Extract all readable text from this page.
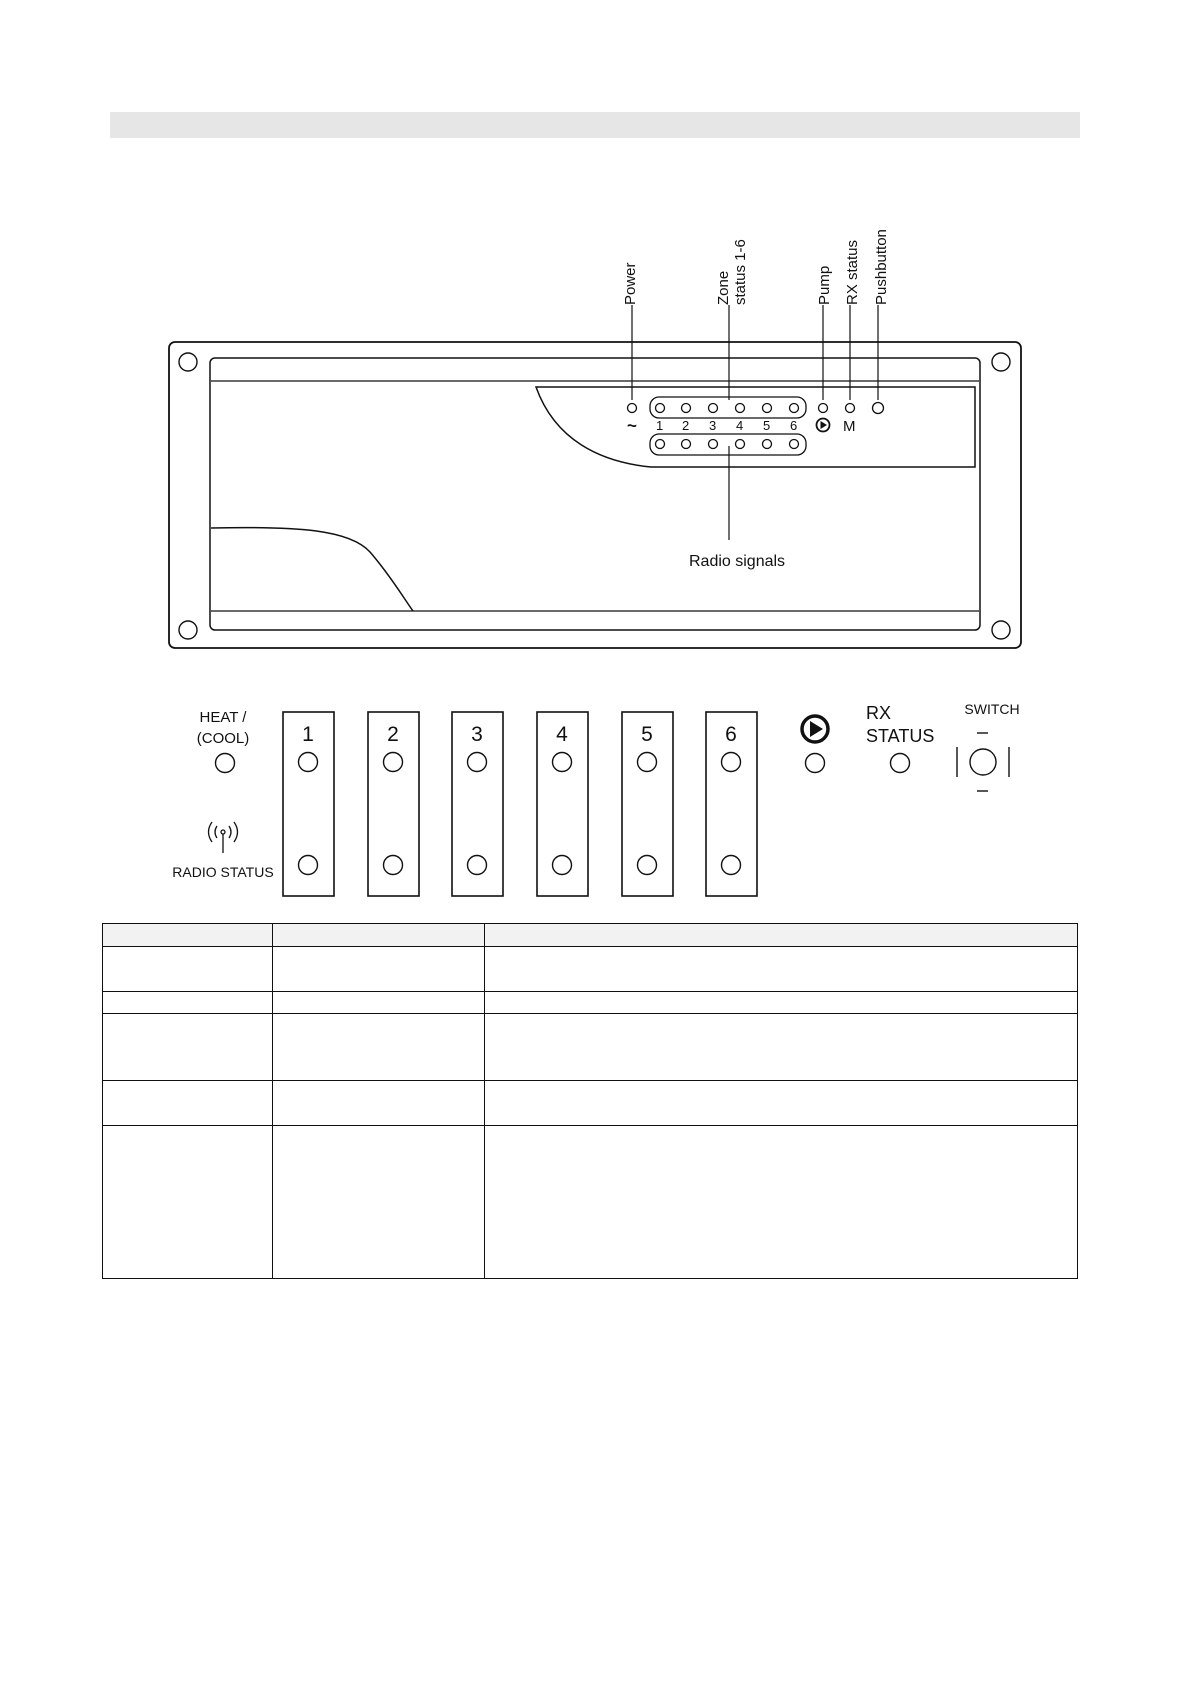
Power	Zone status 1-6	Pump RX status Pushbutton
~ 1 2 3 4 5 6	M
Radio signals
HEAT /
(COOL)
RADIO STATUS
1	2	3	4	5	6
RX
STATUS
SWITCH
